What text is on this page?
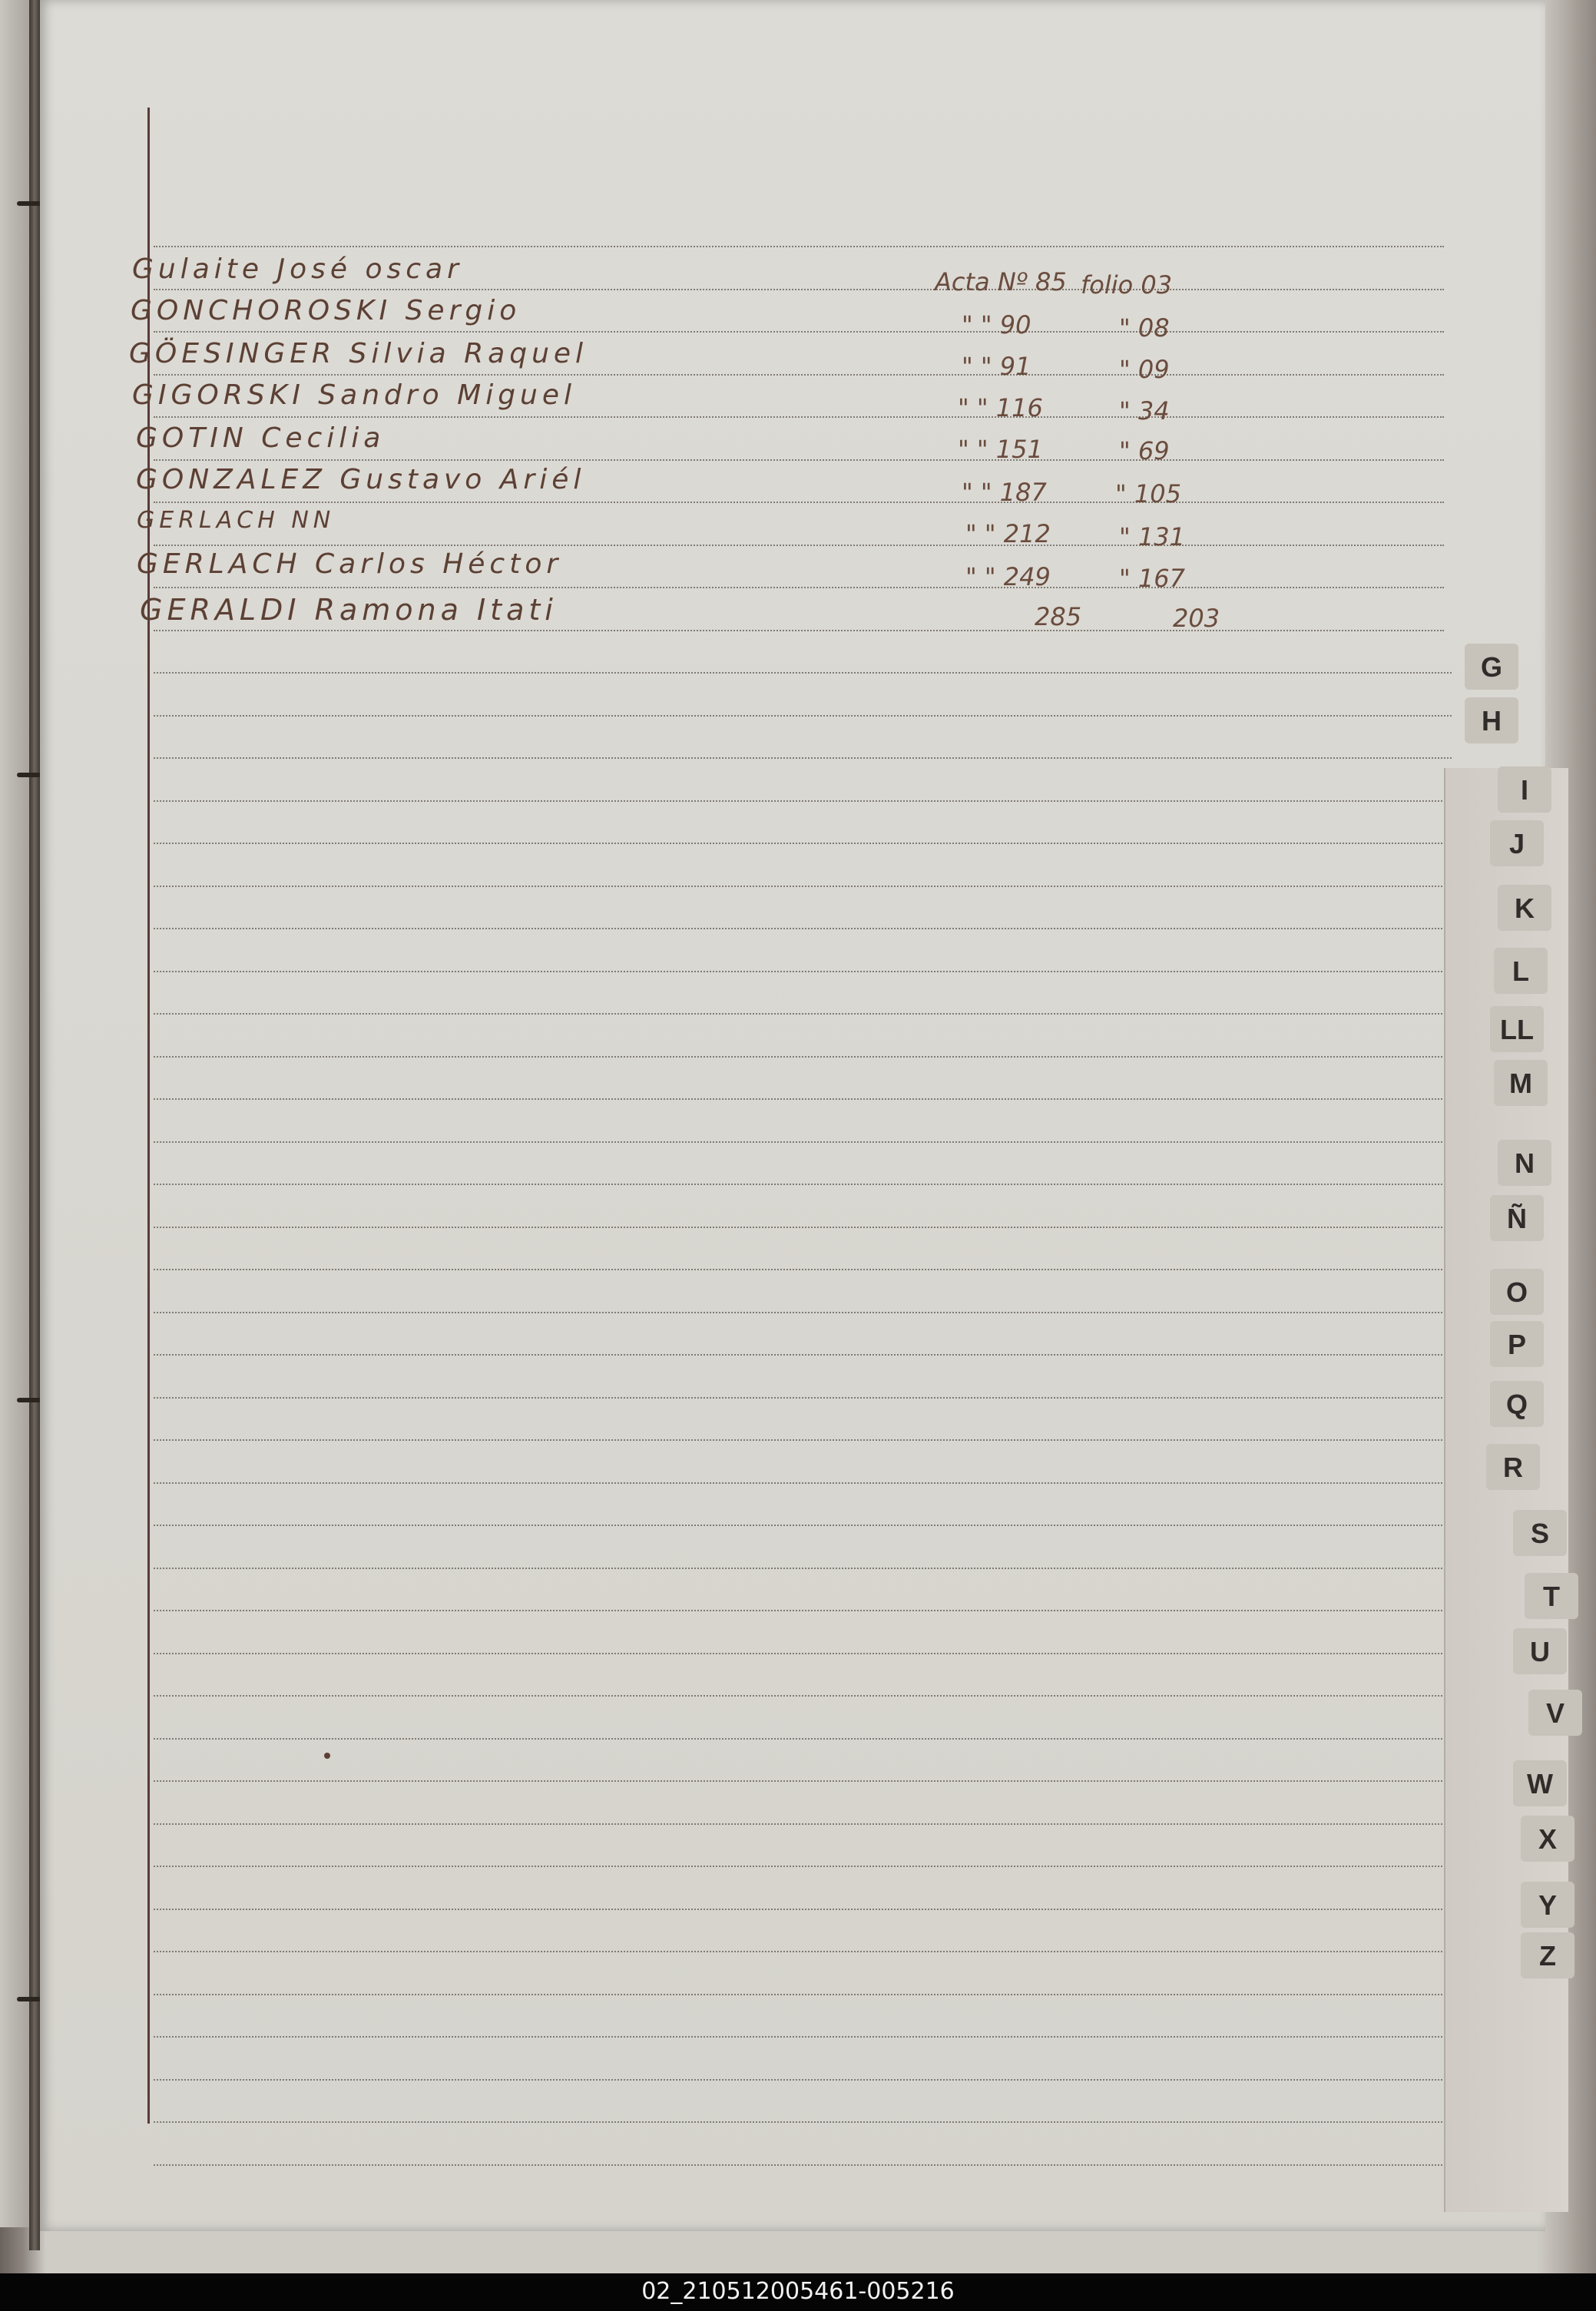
Gulaite José oscar	Acta Nº 85 folio 03
GONCHOROSKI Sergio	" " 90	" 08
GÖESINGER Silvia Raquel	" " 91	" 09
GIGORSKI Sandro Miguel	" " 116	" 34
GOTIN Cecilia	" " 151	" 69
GONZALEZ Gustavo Ariél	" " 187	" 105
GERLACH NN	" " 212	" 131
GERLACH Carlos Héctor	" " 249	" 167
GERALDI Ramona Itati	285	203
G
H
I
J
K
L
LL
M
N
Ñ
O
P
Q
R
S
T
U
V
W
X
Y
Z
02_210512005461-005216
